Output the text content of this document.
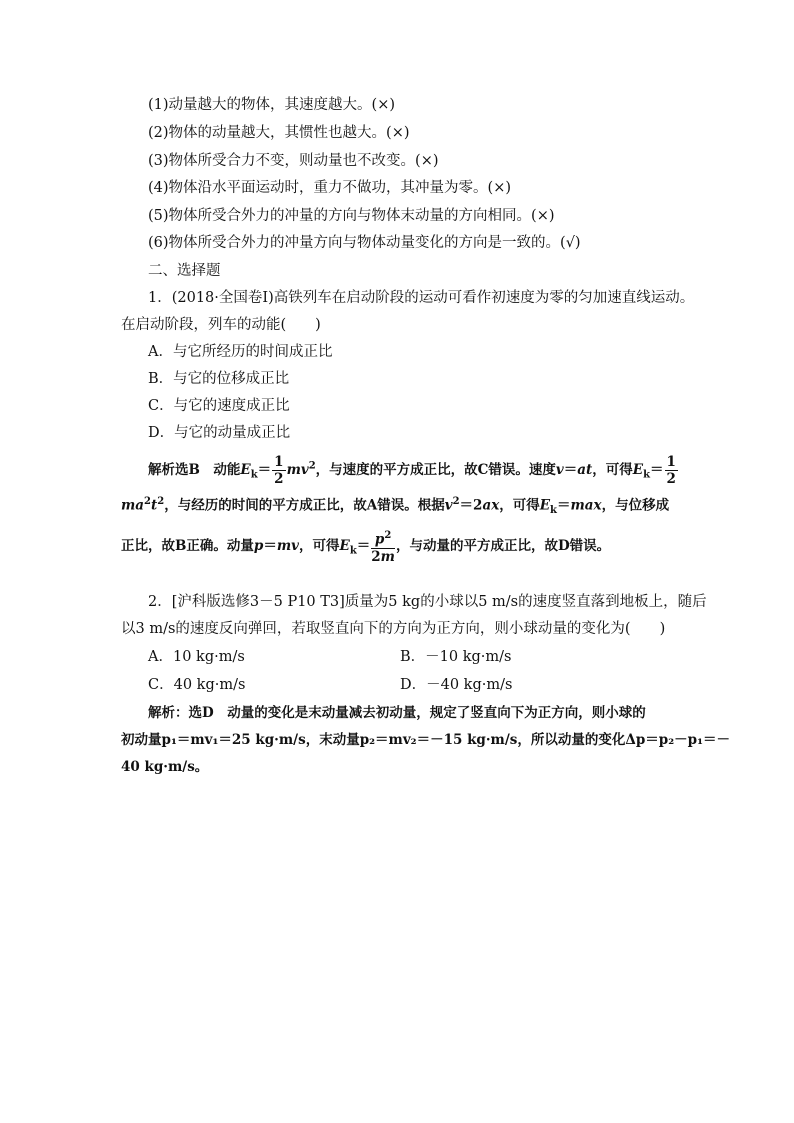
(1)动量越大的物体，其速度越大。(×)
(2)物体的动量越大，其惯性也越大。(×)
(3)物体所受合力不变，则动量也不改变。(×)
(4)物体沿水平面运动时，重力不做功，其冲量为零。(×)
(5)物体所受合外力的冲量的方向与物体末动量的方向相同。(×)
(6)物体所受合外力的冲量方向与物体动量变化的方向是一致的。(√)
二、选择题
1．(2018·全国卷Ⅰ)高铁列车在启动阶段的运动可看作初速度为零的匀加速直线运动。
在启动阶段，列车的动能(　　)
A．与它所经历的时间成正比
B．与它的位移成正比
C．与它的速度成正比
D．与它的动量成正比
解析选B　动能$E_k= \frac{1}{2} mv^2$，与速度的平方成正比，故C错误。速度v＝at，可得$E_k= \frac{1}{2}$
$ma^2t^2$，与经历的时间的平方成正比，故A错误。根据$v^2=2ax$，可得$E_k=\max$，与位移成
正比，故B正确。动量p＝mv，可得$E_k= \frac{p^2}{2m}$ ，与动量的平方成正比，故D错误。
2．[沪科版选修3－5 P10 T3]质量为5 kg的小球以5 m/s的速度竖直落到地板上，随后
以3 m/s的速度反向弹回，若取竖直向下的方向为正方向，则小球动量的变化为(　　)
A．10 kg·m/s	B．－10 kg·m/s
C．40 kg·m/s	D．－40 kg·m/s
解析：选D　动量的变化是末动量减去初动量，规定了竖直向下为正方向，则小球的
初动量p₁＝mv₁＝25 kg·m/s，末动量p₂＝mv₂＝－15 kg·m/s，所以动量的变化Δp＝p₂－p₁＝－
40 kg·m/s。
